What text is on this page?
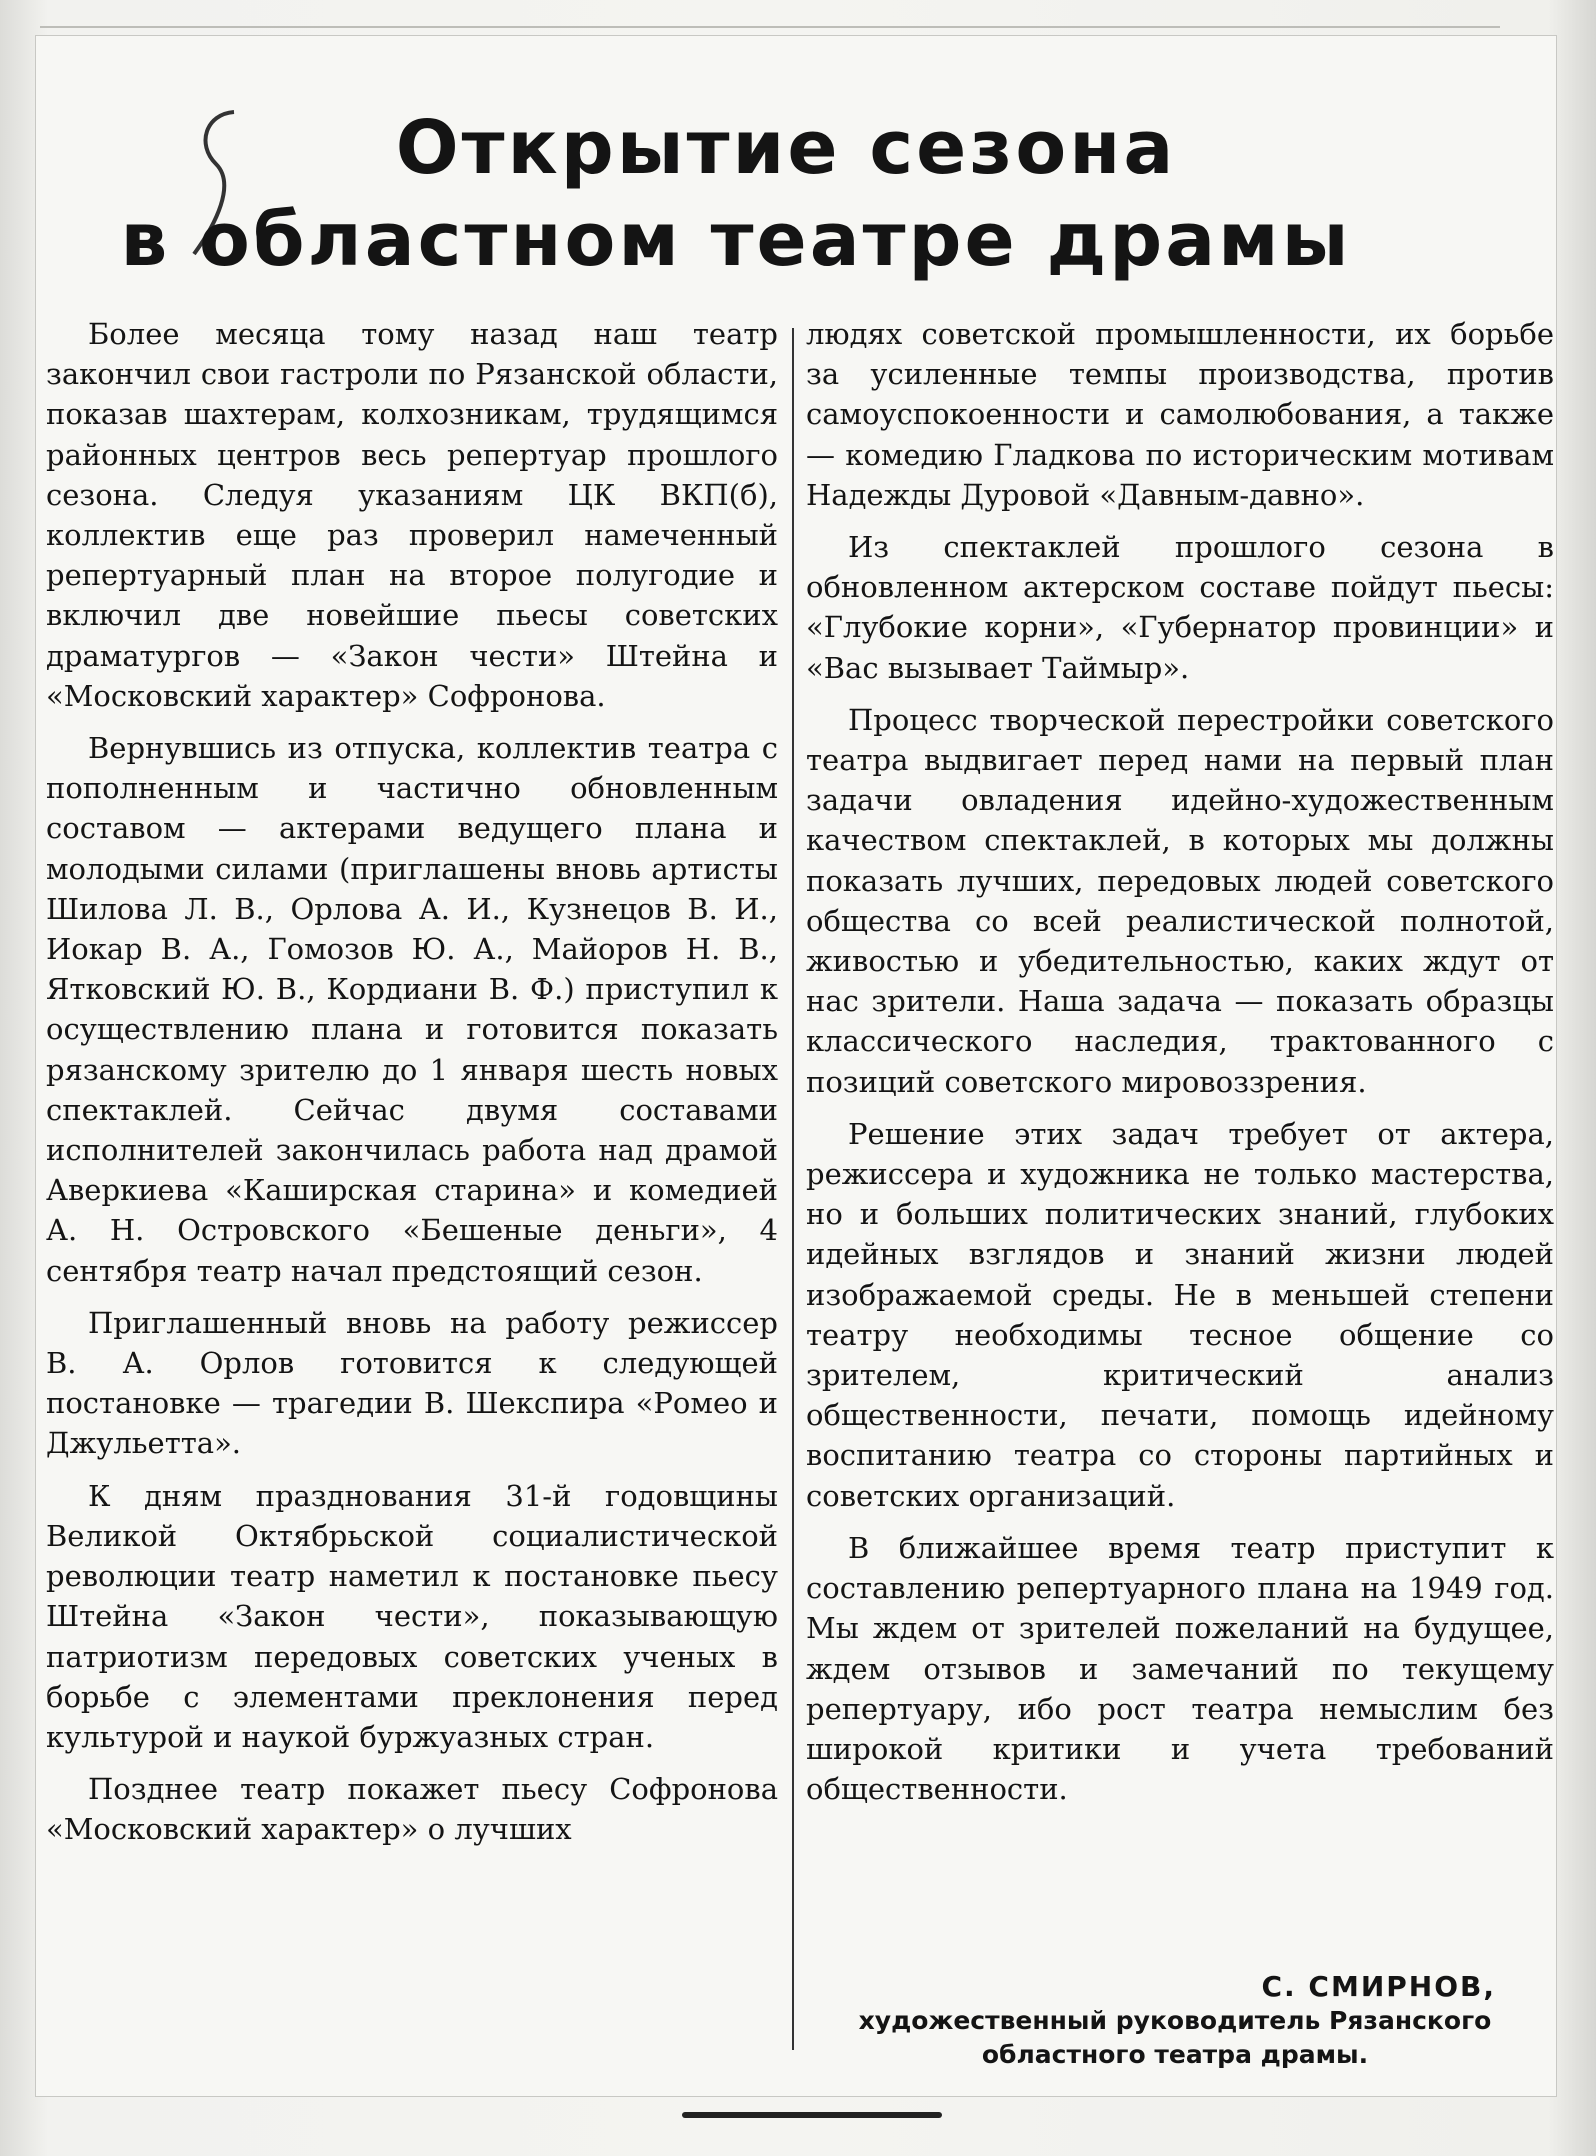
Открытие сезона
в областном театре драмы

Более месяца тому назад наш театр закончил свои гастроли по Рязанской области, показав шахтерам, колхозникам, трудящимся районных центров весь репертуар прошлого сезона. Следуя указаниям ЦК ВКП(б), коллектив еще раз проверил намеченный репертуарный план на второе полугодие и включил две новейшие пьесы советских драматургов — «Закон чести» Штейна и «Московский характер» Софронова.

Вернувшись из отпуска, коллектив театра с пополненным и частично обновленным составом — актерами ведущего плана и молодыми силами (приглашены вновь артисты Шилова Л. В., Орлова А. И., Кузнецов В. И., Иокар В. А., Гомозов Ю. А., Майоров Н. В., Ятковский Ю. В., Кордиани В. Ф.) приступил к осуществлению плана и готовится показать рязанскому зрителю до 1 января шесть новых спектаклей. Сейчас двумя составами исполнителей закончилась работа над драмой Аверкиева «Каширская старина» и комедией А. Н. Островского «Бешеные деньги», 4 сентября театр начал предстоящий сезон.

Приглашенный вновь на работу режиссер В. А. Орлов готовится к следующей постановке — трагедии В. Шекспира «Ромео и Джульетта».

К дням празднования 31-й годовщины Великой Октябрьской социалистической революции театр наметил к постановке пьесу Штейна «Закон чести», показывающую патриотизм передовых советских ученых в борьбе с элементами преклонения перед культурой и наукой буржуазных стран.

Позднее театр покажет пьесу Софронова «Московский характер» о лучших

людях советской промышленности, их борьбе за усиленные темпы производства, против самоуспокоенности и самолюбования, а также — комедию Гладкова по историческим мотивам Надежды Дуровой «Давным-давно».

Из спектаклей прошлого сезона в обновленном актерском составе пойдут пьесы: «Глубокие корни», «Губернатор провинции» и «Вас вызывает Таймыр».

Процесс творческой перестройки советского театра выдвигает перед нами на первый план задачи овладения идейно-художественным качеством спектаклей, в которых мы должны показать лучших, передовых людей советского общества со всей реалистической полнотой, живостью и убедительностью, каких ждут от нас зрители. Наша задача — показать образцы классического наследия, трактованного с позиций советского мировоззрения.

Решение этих задач требует от актера, режиссера и художника не только мастерства, но и больших политических знаний, глубоких идейных взглядов и знаний жизни людей изображаемой среды. Не в меньшей степени театру необходимы тесное общение со зрителем, критический анализ общественности, печати, помощь идейному воспитанию театра со стороны партийных и советских организаций.

В ближайшее время театр приступит к составлению репертуарного плана на 1949 год. Мы ждем от зрителей пожеланий на будущее, ждем отзывов и замечаний по текущему репертуару, ибо рост театра немыслим без широкой критики и учета требований общественности.

С. СМИРНОВ,
художественный руководитель Рязанского областного театра драмы.
